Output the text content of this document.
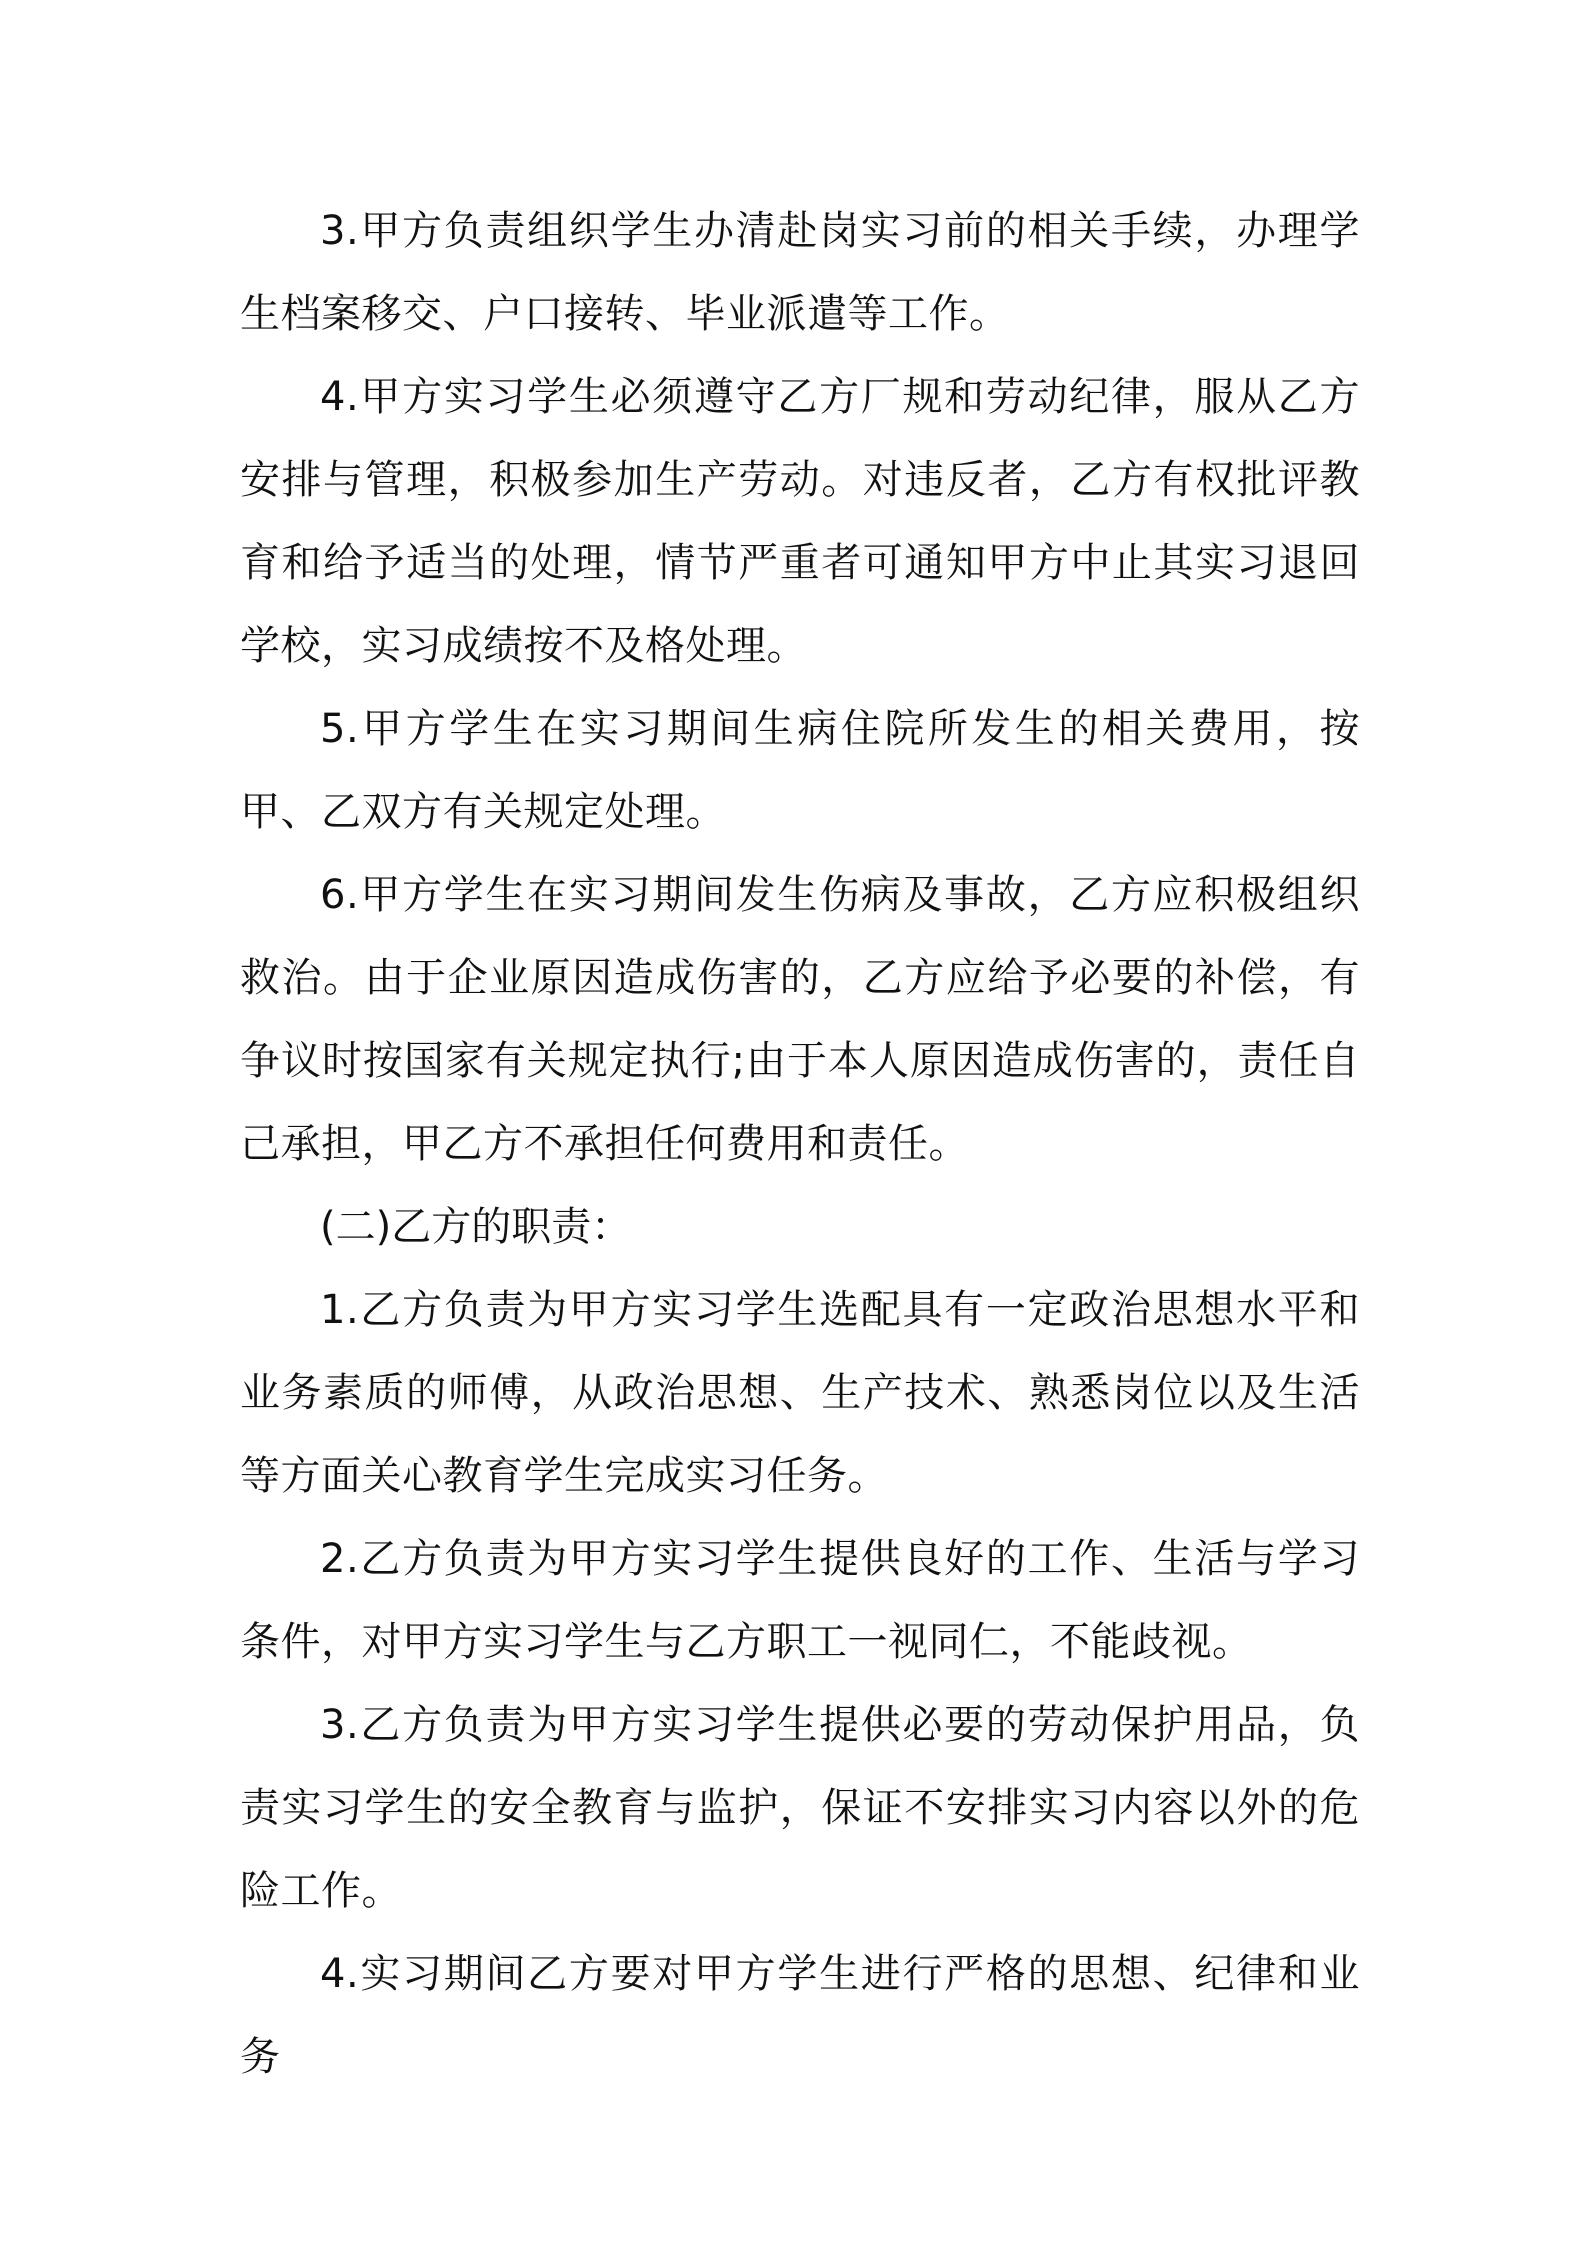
3.甲方负责组织学生办清赴岗实习前的相关手续，办理学生档案移交、户口接转、毕业派遣等工作。

4.甲方实习学生必须遵守乙方厂规和劳动纪律，服从乙方安排与管理，积极参加生产劳动。对违反者，乙方有权批评教育和给予适当的处理，情节严重者可通知甲方中止其实习退回学校，实习成绩按不及格处理。

5.甲方学生在实习期间生病住院所发生的相关费用，按甲、乙双方有关规定处理。

6.甲方学生在实习期间发生伤病及事故，乙方应积极组织救治。由于企业原因造成伤害的，乙方应给予必要的补偿，有争议时按国家有关规定执行;由于本人原因造成伤害的，责任自己承担，甲乙方不承担任何费用和责任。

(二)乙方的职责：

1.乙方负责为甲方实习学生选配具有一定政治思想水平和业务素质的师傅，从政治思想、生产技术、熟悉岗位以及生活等方面关心教育学生完成实习任务。

2.乙方负责为甲方实习学生提供良好的工作、生活与学习条件，对甲方实习学生与乙方职工一视同仁，不能歧视。

3.乙方负责为甲方实习学生提供必要的劳动保护用品，负责实习学生的安全教育与监护，保证不安排实习内容以外的危险工作。

4.实习期间乙方要对甲方学生进行严格的思想、纪律和业务
